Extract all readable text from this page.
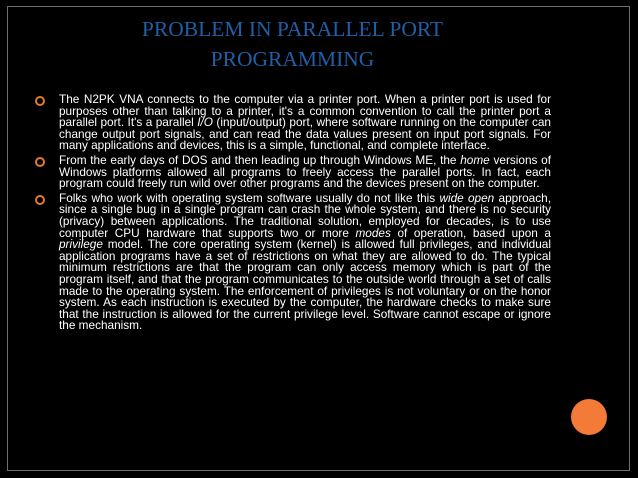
PROBLEM IN PARALLEL PORT
PROGRAMMING
The N2PK VNA connects to the computer via a printer port. When a printer port is used for purposes other than talking to a printer, it's a common convention to call the printer port a parallel port. It's a parallel I/O (input/output) port, where software running on the computer can change output port signals, and can read the data values present on input port signals. For many applications and devices, this is a simple, functional, and complete interface.
From the early days of DOS and then leading up through Windows ME, the home versions of Windows platforms allowed all programs to freely access the parallel ports. In fact, each program could freely run wild over other programs and the devices present on the computer.
Folks who work with operating system software usually do not like this wide open approach, since a single bug in a single program can crash the whole system, and there is no security (privacy) between applications. The traditional solution, employed for decades, is to use computer CPU hardware that supports two or more modes of operation, based upon a privilege model. The core operating system (kernel) is allowed full privileges, and individual application programs have a set of restrictions on what they are allowed to do. The typical minimum restrictions are that the program can only access memory which is part of the program itself, and that the program communicates to the outside world through a set of calls made to the operating system. The enforcement of privileges is not voluntary or on the honor system. As each instruction is executed by the computer, the hardware checks to make sure that the instruction is allowed for the current privilege level. Software cannot escape or ignore the mechanism.
